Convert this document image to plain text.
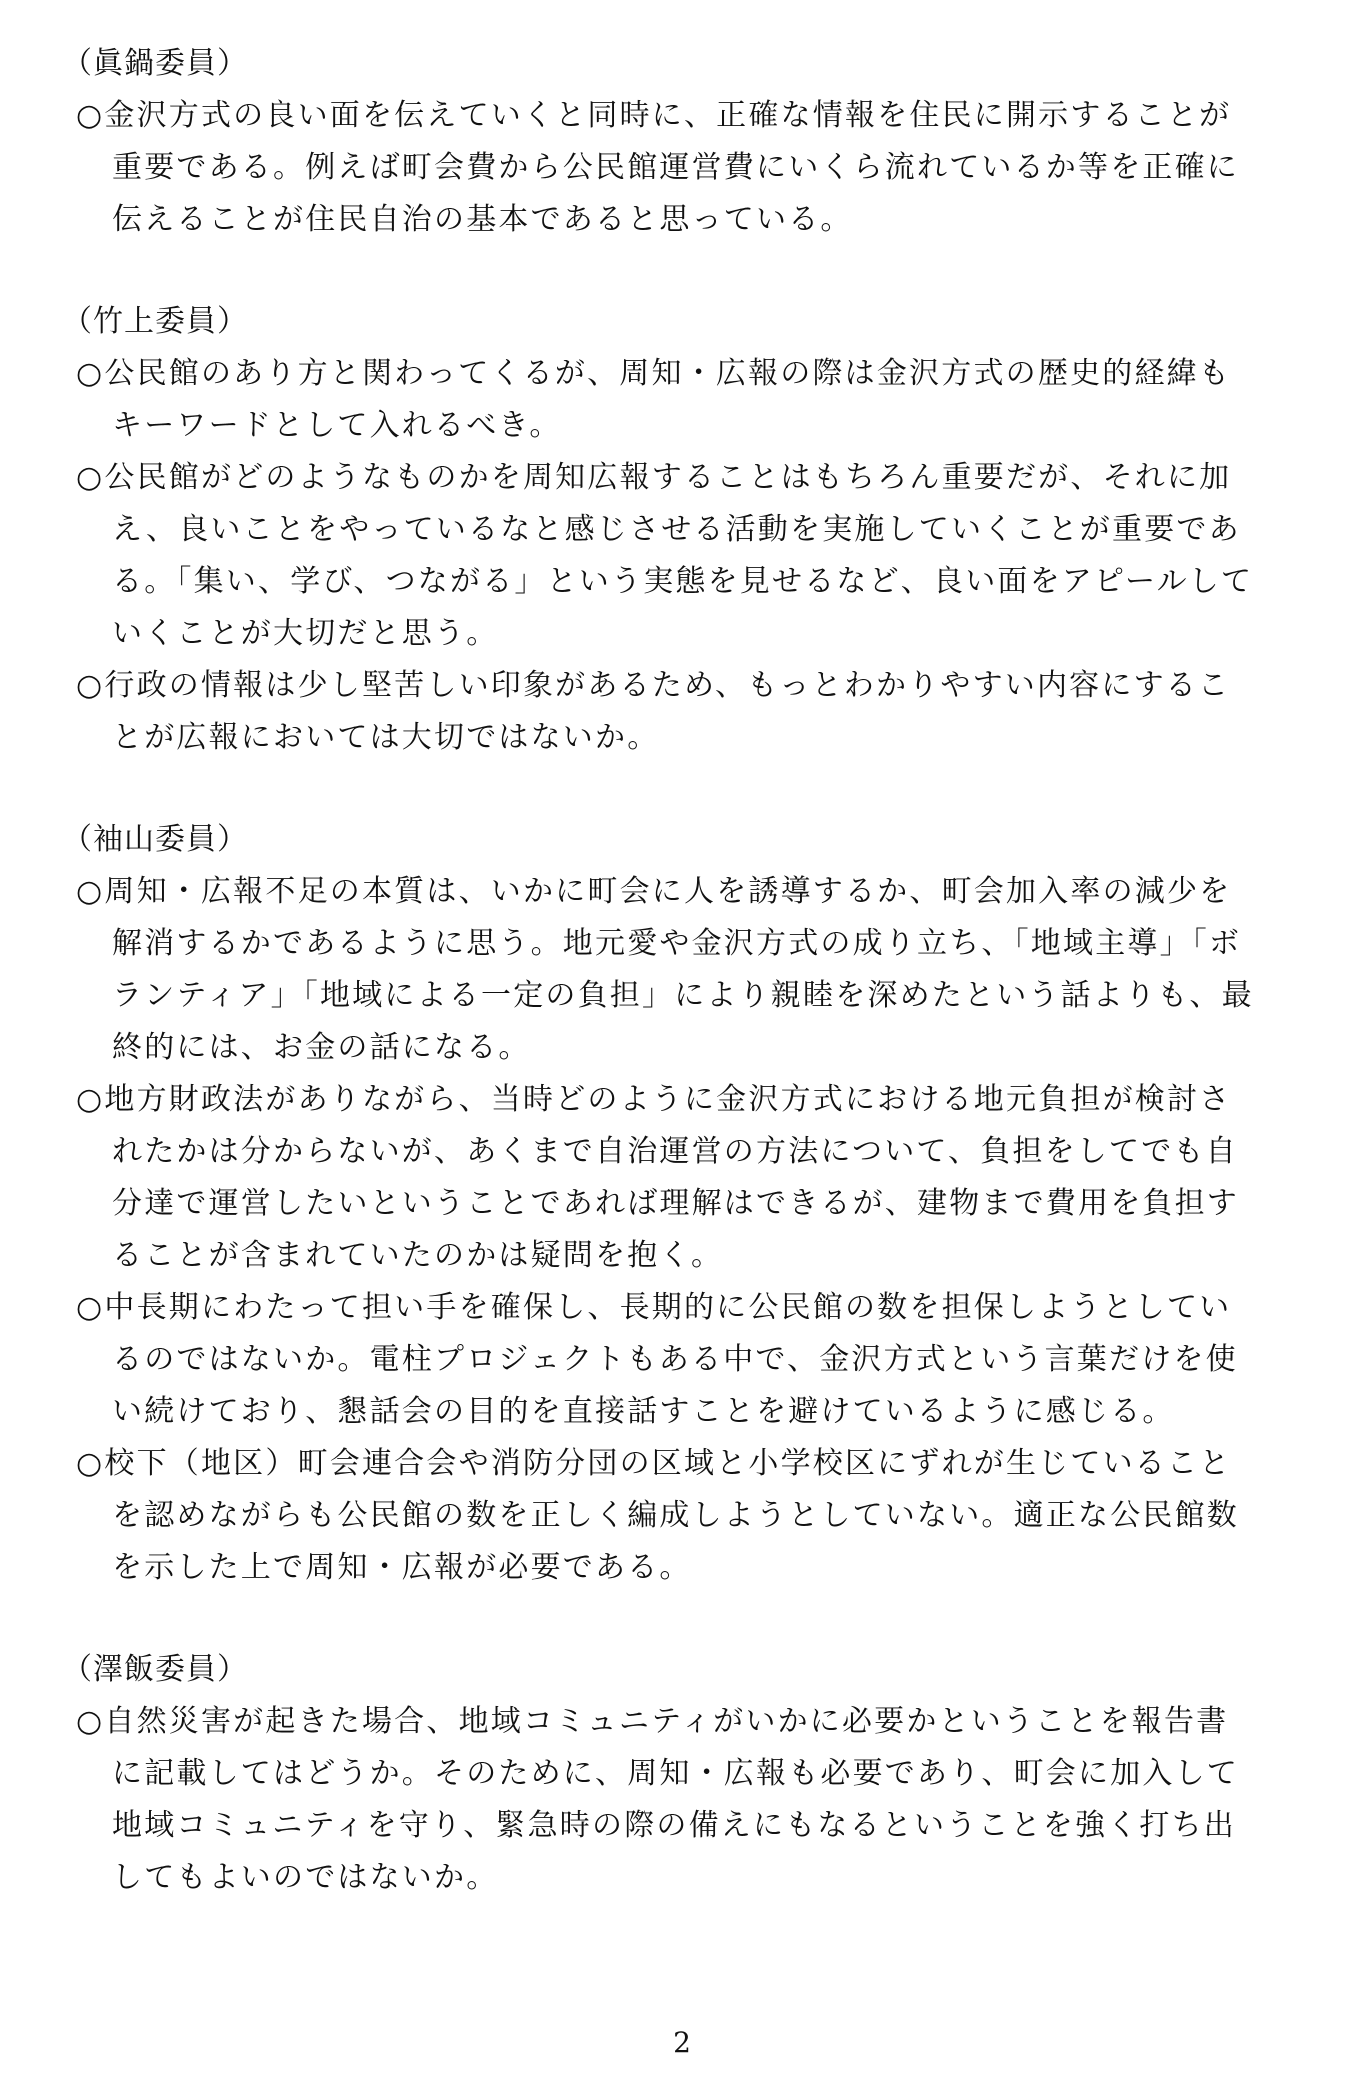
（眞鍋委員）

○金沢方式の良い面を伝えていくと同時に、正確な情報を住民に開示することが
重要である。例えば町会費から公民館運営費にいくら流れているか等を正確に
伝えることが住民自治の基本であると思っている。

（竹上委員）

○公民館のあり方と関わってくるが、周知・広報の際は金沢方式の歴史的経緯も
キーワードとして入れるべき。
○公民館がどのようなものかを周知広報することはもちろん重要だが、それに加
え、良いことをやっているなと感じさせる活動を実施していくことが重要であ
る。「集い、学び、つながる」という実態を見せるなど、良い面をアピールして
いくことが大切だと思う。
○行政の情報は少し堅苦しい印象があるため、もっとわかりやすい内容にするこ
とが広報においては大切ではないか。

（袖山委員）

○周知・広報不足の本質は、いかに町会に人を誘導するか、町会加入率の減少を
解消するかであるように思う。地元愛や金沢方式の成り立ち、「地域主導」「ボ
ランティア」「地域による一定の負担」により親睦を深めたという話よりも、最
終的には、お金の話になる。
○地方財政法がありながら、当時どのように金沢方式における地元負担が検討さ
れたかは分からないが、あくまで自治運営の方法について、負担をしてでも自
分達で運営したいということであれば理解はできるが、建物まで費用を負担す
ることが含まれていたのかは疑問を抱く。
○中長期にわたって担い手を確保し、長期的に公民館の数を担保しようとしてい
るのではないか。電柱プロジェクトもある中で、金沢方式という言葉だけを使
い続けており、懇話会の目的を直接話すことを避けているように感じる。
○校下（地区）町会連合会や消防分団の区域と小学校区にずれが生じていること
を認めながらも公民館の数を正しく編成しようとしていない。適正な公民館数
を示した上で周知・広報が必要である。

（澤飯委員）

○自然災害が起きた場合、地域コミュニティがいかに必要かということを報告書
に記載してはどうか。そのために、周知・広報も必要であり、町会に加入して
地域コミュニティを守り、緊急時の際の備えにもなるということを強く打ち出
してもよいのではないか。
2
